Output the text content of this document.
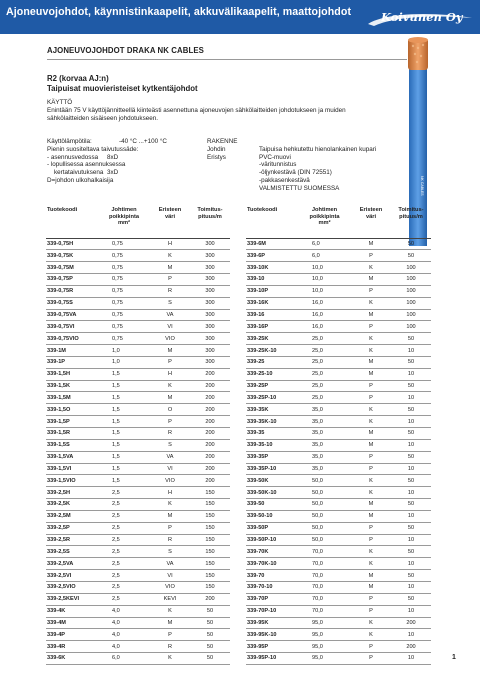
Ajoneuvojohdot, käynnistinkaapelit, akkuvälikaapelit, maattojohdot	Koivunen Oy
AJONEUVOJOHDOT DRAKA NK CABLES
NK CABLES
R2 (korvaa AJ:n)
Taipuisat muovieristeiset kytkentäjohdot
KÄYTTÖ
Enintään 75 V käyttöjännitteellä kiinteästi asennettuna ajoneuvojen sähkölaitteiden johdotukseen ja muiden sähkölaitteiden sisäiseen johdotukseen.
Käyttölämpötila:	-40 °C ...+100 °C
Pienin suositeltava taivutussäde:
- asennusvedossa 8xD
- lopullisessa asennuksessa
kertataivutuksena 3xD
D=johdon ulkohalkaisija
RAKENNE
Johdin	Taipuisa hehkutettu hienolankainen kupari
Eristys	PVC-muovi
-väritunnistus
-öljynkestävä (DIN 72551)
-pakkasenkestävä
VALMISTETTU SUOMESSA
Tuotekoodi	Johtimen
poikkipinta
mm²	Eristeen
väri	Toimitus-
pituus/m
339-0,75H	0,75	H	300
339-0,75K	0,75	K	300
339-0,75M	0,75	M	300
339-0,75P	0,75	P	300
339-0,75R	0,75	R	300
339-0,75S	0,75	S	300
339-0,75VA	0,75	VA	300
339-0,75VI	0,75	VI	300
339-0,75VIO	0,75	VIO	300
339-1M	1,0	M	300
339-1P	1,0	P	300
339-1,5H	1,5	H	200
339-1,5K	1,5	K	200
339-1,5M	1,5	M	200
339-1,5O	1,5	O	200
339-1,5P	1,5	P	200
339-1,5R	1,5	R	200
339-1,5S	1,5	S	200
339-1,5VA	1,5	VA	200
339-1,5VI	1,5	VI	200
339-1,5VIO	1,5	VIO	200
339-2,5H	2,5	H	150
339-2,5K	2,5	K	150
339-2,5M	2,5	M	150
339-2,5P	2,5	P	150
339-2,5R	2,5	R	150
339-2,5S	2,5	S	150
339-2,5VA	2,5	VA	150
339-2,5VI	2,5	VI	150
339-2,5VIO	2,5	VIO	150
339-2,5KEVI	2,5	KEVI	200
339-4K	4,0	K	50
339-4M	4,0	M	50
339-4P	4,0	P	50
339-4R	4,0	R	50
339-6K	6,0	K	50
Tuotekoodi	Johtimen
poikkipinta
mm²	Eristeen
väri	Toimitus-
pituus/m
339-6M	6,0	M	50
339-6P	6,0	P	50
339-10K	10,0	K	100
339-10	10,0	M	100
339-10P	10,0	P	100
339-16K	16,0	K	100
339-16	16,0	M	100
339-16P	16,0	P	100
339-25K	25,0	K	50
339-25K-10	25,0	K	10
339-25	25,0	M	50
339-25-10	25,0	M	10
339-25P	25,0	P	50
339-25P-10	25,0	P	10
339-35K	35,0	K	50
339-35K-10	35,0	K	10
339-35	35,0	M	50
339-35-10	35,0	M	10
339-35P	35,0	P	50
339-35P-10	35,0	P	10
339-50K	50,0	K	50
339-50K-10	50,0	K	10
339-50	50,0	M	50
339-50-10	50,0	M	10
339-50P	50,0	P	50
339-50P-10	50,0	P	10
339-70K	70,0	K	50
339-70K-10	70,0	K	10
339-70	70,0	M	50
339-70-10	70,0	M	10
339-70P	70,0	P	50
339-70P-10	70,0	P	10
339-95K	95,0	K	200
339-95K-10	95,0	K	10
339-95P	95,0	P	200
339-95P-10	95,0	P	10	1
